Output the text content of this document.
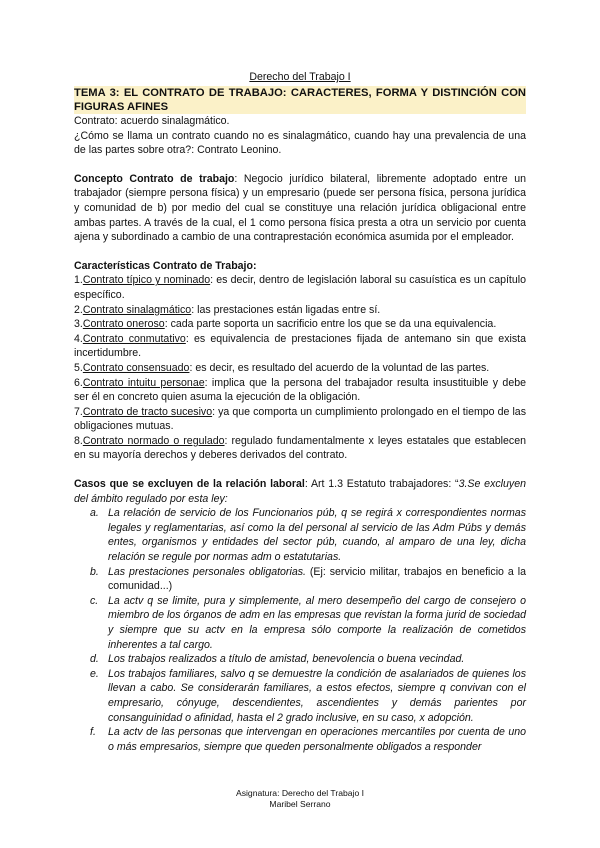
Derecho del Trabajo I
TEMA 3: EL CONTRATO DE TRABAJO: CARACTERES, FORMA Y DISTINCIÓN CON FIGURAS AFINES
Contrato: acuerdo sinalagmático.
¿Cómo se llama un contrato cuando no es sinalagmático, cuando hay una prevalencia de una de las partes sobre otra?: Contrato Leonino.
Concepto Contrato de trabajo: Negocio jurídico bilateral, libremente adoptado entre un trabajador (siempre persona física) y un empresario (puede ser persona física, persona jurídica y comunidad de b) por medio del cual se constituye una relación jurídica obligacional entre ambas partes. A través de la cual, el 1 como persona física presta a otra un servicio por cuenta ajena y subordinado a cambio de una contraprestación económica asumida por el empleador.
Características Contrato de Trabajo:
1.Contrato típico y nominado: es decir, dentro de legislación laboral su casuística es un capítulo específico.
2.Contrato sinalagmático: las prestaciones están ligadas entre sí.
3.Contrato oneroso: cada parte soporta un sacrificio entre los que se da una equivalencia.
4.Contrato conmutativo: es equivalencia de prestaciones fijada de antemano sin que exista incertidumbre.
5.Contrato consensuado: es decir, es resultado del acuerdo de la voluntad de las partes.
6.Contrato intuitu personae: implica que la persona del trabajador resulta insustituible y debe ser él en concreto quien asuma la ejecución de la obligación.
7.Contrato de tracto sucesivo: ya que comporta un cumplimiento prolongado en el tiempo de las obligaciones mutuas.
8.Contrato normado o regulado: regulado fundamentalmente x leyes estatales que establecen en su mayoría derechos y deberes derivados del contrato.
Casos que se excluyen de la relación laboral: Art 1.3 Estatuto trabajadores: “3.Se excluyen del ámbito regulado por esta ley:
a. La relación de servicio de los Funcionarios púb, q se regirá x correspondientes normas legales y reglamentarias, así como la del personal al servicio de las Adm Púbs y demás entes, organismos y entidades del sector púb, cuando, al amparo de una ley, dicha relación se regule por normas adm o estatutarias.
b. Las prestaciones personales obligatorias. (Ej: servicio militar, trabajos en beneficio a la comunidad...)
c. La actv q se limite, pura y simplemente, al mero desempeño del cargo de consejero o miembro de los órganos de adm en las empresas que revistan la forma jurid de sociedad y siempre que su actv en la empresa sólo comporte la realización de cometidos inherentes a tal cargo.
d. Los trabajos realizados a título de amistad, benevolencia o buena vecindad.
e. Los trabajos familiares, salvo q se demuestre la condición de asalariados de quienes los llevan a cabo. Se considerarán familiares, a estos efectos, siempre q convivan con el empresario, cónyuge, descendientes, ascendientes y demás parientes por consanguinidad o afinidad, hasta el 2 grado inclusive, en su caso, x adopción.
f. La actv de las personas que intervengan en operaciones mercantiles por cuenta de uno o más empresarios, siempre que queden personalmente obligados a responder
Asignatura: Derecho del Trabajo I
Maribel Serrano
